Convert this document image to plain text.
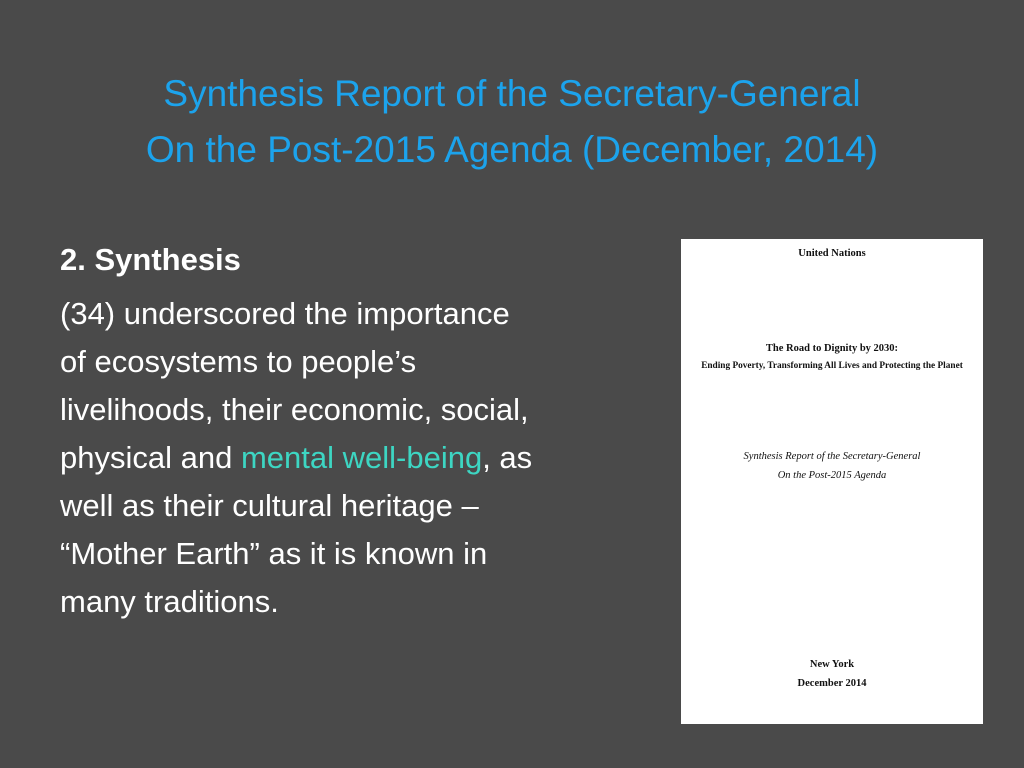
Synthesis Report of the Secretary-General
On the Post-2015 Agenda (December, 2014)

2. Synthesis

(34) underscored the importance
of ecosystems to people’s
livelihoods, their economic, social,
physical and mental well-being, as
well as their cultural heritage –
“Mother Earth” as it is known in
many traditions.

United Nations
The Road to Dignity by 2030:
Ending Poverty, Transforming All Lives and Protecting the Planet
Synthesis Report of the Secretary-General
On the Post-2015 Agenda
New York
December 2014
